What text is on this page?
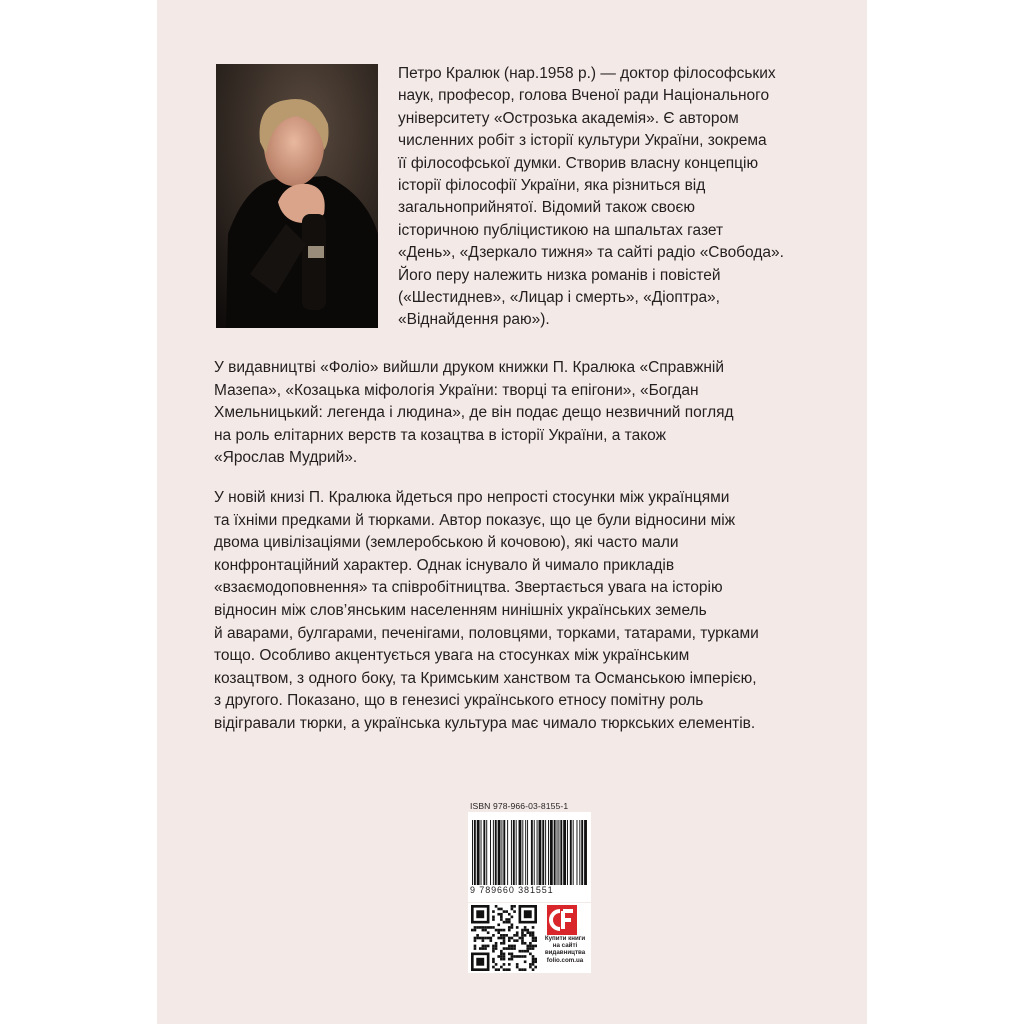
Петро Кралюк (нар.1958 р.) — доктор філософських
наук, професор, голова Вченої ради Національного
університету «Острозька академія». Є автором
численних робіт з історії культури України, зокрема
її філософської думки. Створив власну концепцію
історії філософії України, яка різниться від
загальноприйнятої. Відомий також своєю
історичною публіцистикою на шпальтах газет
«День», «Дзеркало тижня» та сайті радіо «Свобода».
Його перу належить низка романів і повістей
(«Шестиднев», «Лицар і смерть», «Діоптра»,
«Віднайдення раю»).
У видавництві «Фоліо» вийшли друком книжки П. Кралюка «Справжній
Мазепа», «Козацька міфологія України: творці та епігони», «Богдан
Хмельницький: легенда і людина», де він подає дещо незвичний погляд
на роль елітарних верств та козацтва в історії України, а також
«Ярослав Мудрий».
У новій книзі П. Кралюка йдеться про непрості стосунки між українцями
та їхніми предками й тюрками. Автор показує, що це були відносини між
двома цивілізаціями (землеробською й кочовою), які часто мали
конфронтаційний характер. Однак існувало й чимало прикладів
«взаємодоповнення» та співробітництва. Звертається увага на історію
відносин між слов’янським населенням нинішніх українських земель
й аварами, булгарами, печенігами, половцями, торками, татарами, турками
тощо. Особливо акцентується увага на стосунках між українським
козацтвом, з одного боку, та Кримським ханством та Османською імперією,
з другого. Показано, що в генезисі українського етносу помітну роль
відігравали тюрки, а українська культура має чимало тюркських елементів.
ISBN 978-966-03-8155-1
9 789660 381551
Купити книги
на сайті
видавництва
folio.com.ua
